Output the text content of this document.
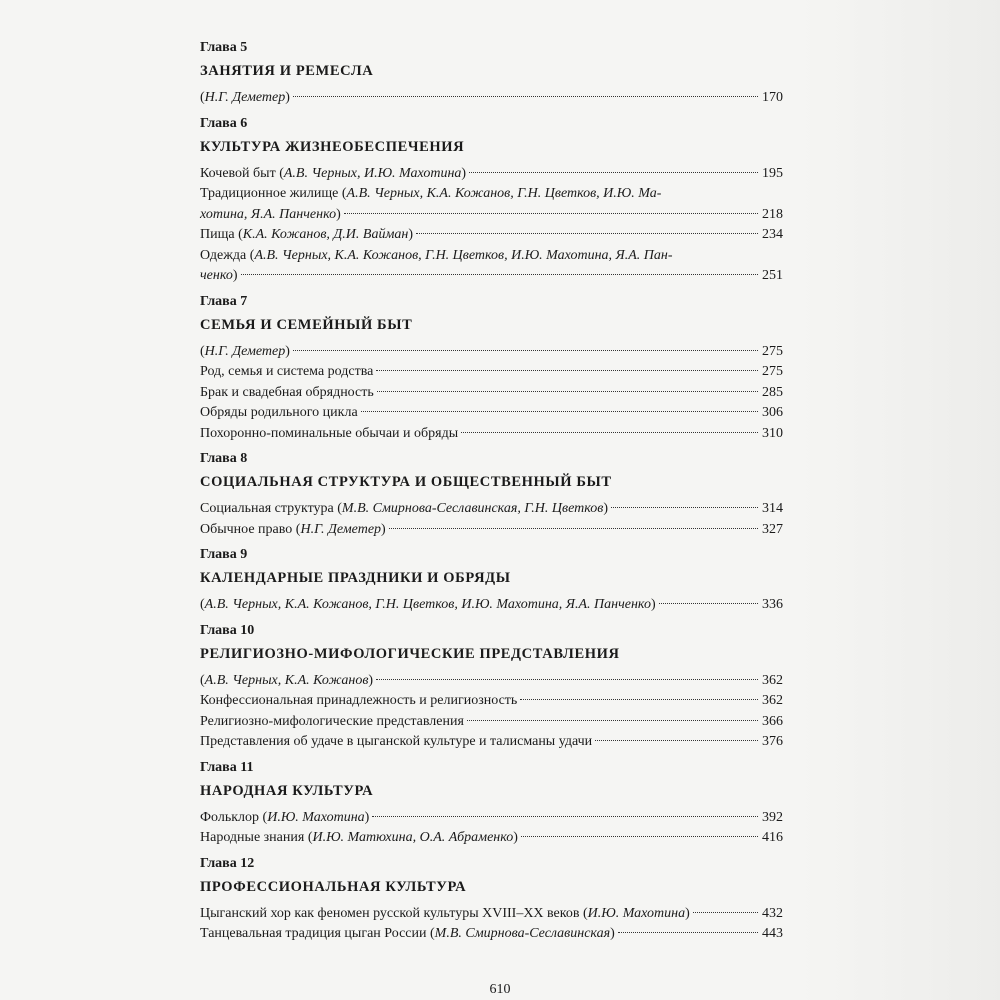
Глава 5
ЗАНЯТИЯ И РЕМЕСЛА
(Н.Г. Деметер)	170
Глава 6
КУЛЬТУРА ЖИЗНЕОБЕСПЕЧЕНИЯ
Кочевой быт (А.В. Черных, И.Ю. Махотина)	195
Традиционное жилище (А.В. Черных, К.А. Кожанов, Г.Н. Цветков, И.Ю. Ма-
хотина, Я.А. Панченко)	218
Пища (К.А. Кожанов, Д.И. Вайман)	234
Одежда (А.В. Черных, К.А. Кожанов, Г.Н. Цветков, И.Ю. Махотина, Я.А. Пан-
ченко)	251
Глава 7
СЕМЬЯ И СЕМЕЙНЫЙ БЫТ
(Н.Г. Деметер)	275
Род, семья и система родства	275
Брак и свадебная обрядность	285
Обряды родильного цикла	306
Похоронно-поминальные обычаи и обряды	310
Глава 8
СОЦИАЛЬНАЯ СТРУКТУРА И ОБЩЕСТВЕННЫЙ БЫТ
Социальная структура (М.В. Смирнова-Сеславинская, Г.Н. Цветков)	314
Обычное право (Н.Г. Деметер)	327
Глава 9
КАЛЕНДАРНЫЕ ПРАЗДНИКИ И ОБРЯДЫ
(А.В. Черных, К.А. Кожанов, Г.Н. Цветков, И.Ю. Махотина, Я.А. Панченко)	336
Глава 10
РЕЛИГИОЗНО-МИФОЛОГИЧЕСКИЕ ПРЕДСТАВЛЕНИЯ
(А.В. Черных, К.А. Кожанов)	362
Конфессиональная принадлежность и религиозность	362
Религиозно-мифологические представления	366
Представления об удаче в цыганской культуре и талисманы удачи	376
Глава 11
НАРОДНАЯ КУЛЬТУРА
Фольклор (И.Ю. Махотина)	392
Народные знания (И.Ю. Матюхина, О.А. Абраменко)	416
Глава 12
ПРОФЕССИОНАЛЬНАЯ КУЛЬТУРА
Цыганский хор как феномен русской культуры XVIII–XX веков (И.Ю. Махотина)	432
Танцевальная традиция цыган России (М.В. Смирнова-Сеславинская)	443
610
